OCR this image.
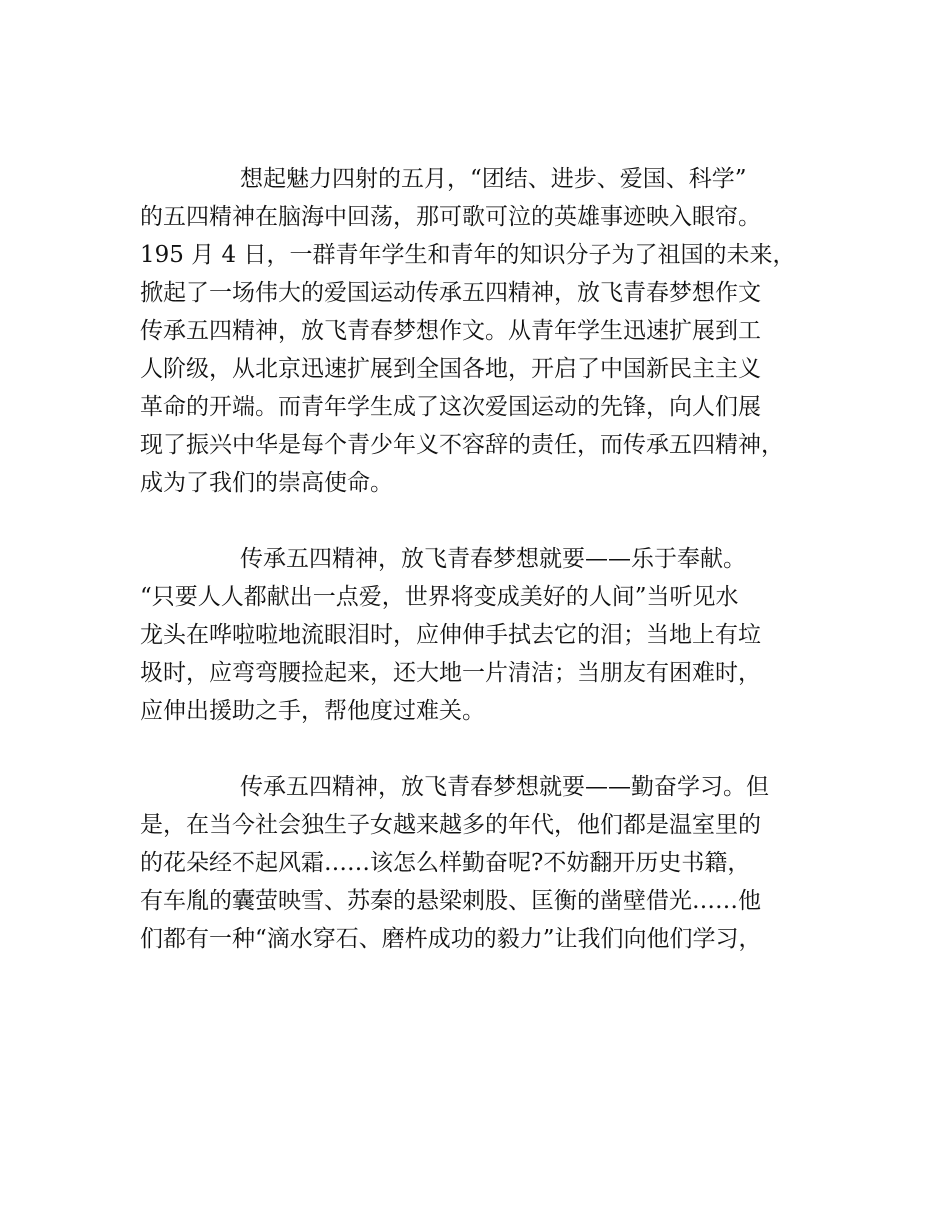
想起魅力四射的五月，“团结、进步、爱国、科学”
的五四精神在脑海中回荡，那可歌可泣的英雄事迹映入眼帘。
195 月 4 日，一群青年学生和青年的知识分子为了祖国的未来，
掀起了一场伟大的爱国运动传承五四精神，放飞青春梦想作文
传承五四精神，放飞青春梦想作文。从青年学生迅速扩展到工
人阶级，从北京迅速扩展到全国各地，开启了中国新民主主义
革命的开端。而青年学生成了这次爱国运动的先锋，向人们展
现了振兴中华是每个青少年义不容辞的责任，而传承五四精神，
成为了我们的崇高使命。

传承五四精神，放飞青春梦想就要——乐于奉献。
“只要人人都献出一点爱，世界将变成美好的人间”当听见水
龙头在哗啦啦地流眼泪时，应伸伸手拭去它的泪；当地上有垃
圾时，应弯弯腰捡起来，还大地一片清洁；当朋友有困难时，
应伸出援助之手，帮他度过难关。

传承五四精神，放飞青春梦想就要——勤奋学习。但
是，在当今社会独生子女越来越多的年代，他们都是温室里的
的花朵经不起风霜……该怎么样勤奋呢?不妨翻开历史书籍，
有车胤的囊萤映雪、苏秦的悬梁刺股、匡衡的凿壁借光……他
们都有一种“滴水穿石、磨杵成功的毅力”让我们向他们学习，
